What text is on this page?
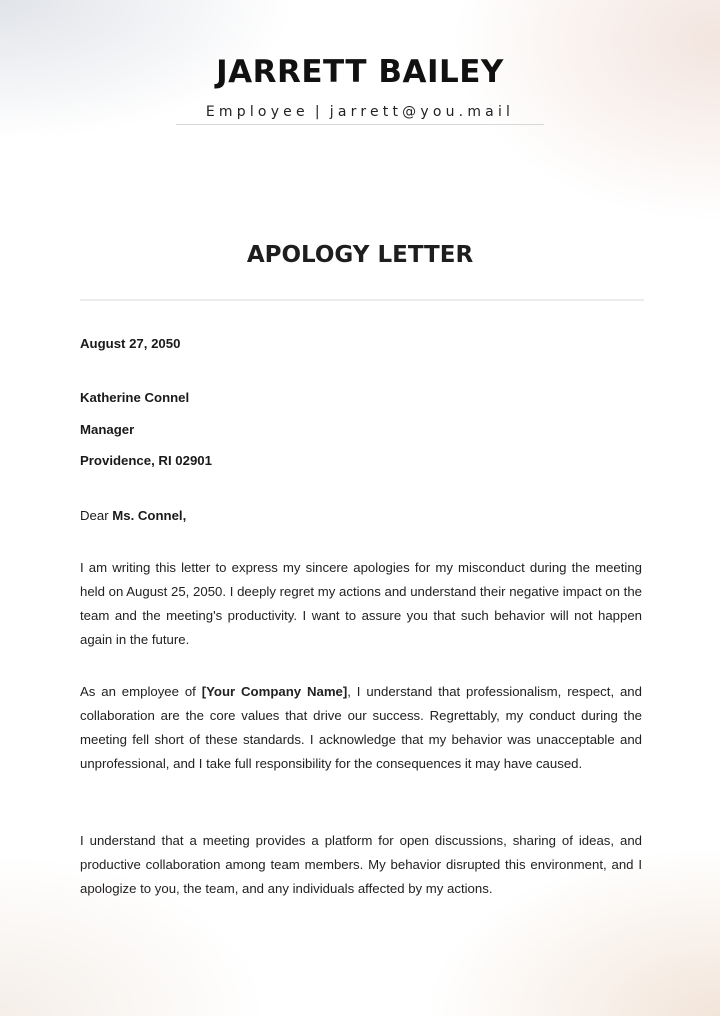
JARRETT BAILEY
Employee | jarrett@you.mail
APOLOGY LETTER
August 27, 2050
Katherine Connel
Manager
Providence, RI 02901
Dear Ms. Connel,
I am writing this letter to express my sincere apologies for my misconduct during the meeting held on August 25, 2050. I deeply regret my actions and understand their negative impact on the team and the meeting's productivity. I want to assure you that such behavior will not happen again in the future.
As an employee of [Your Company Name], I understand that professionalism, respect, and collaboration are the core values that drive our success. Regrettably, my conduct during the meeting fell short of these standards. I acknowledge that my behavior was unacceptable and unprofessional, and I take full responsibility for the consequences it may have caused.
I understand that a meeting provides a platform for open discussions, sharing of ideas, and productive collaboration among team members. My behavior disrupted this environment, and I apologize to you, the team, and any individuals affected by my actions.
